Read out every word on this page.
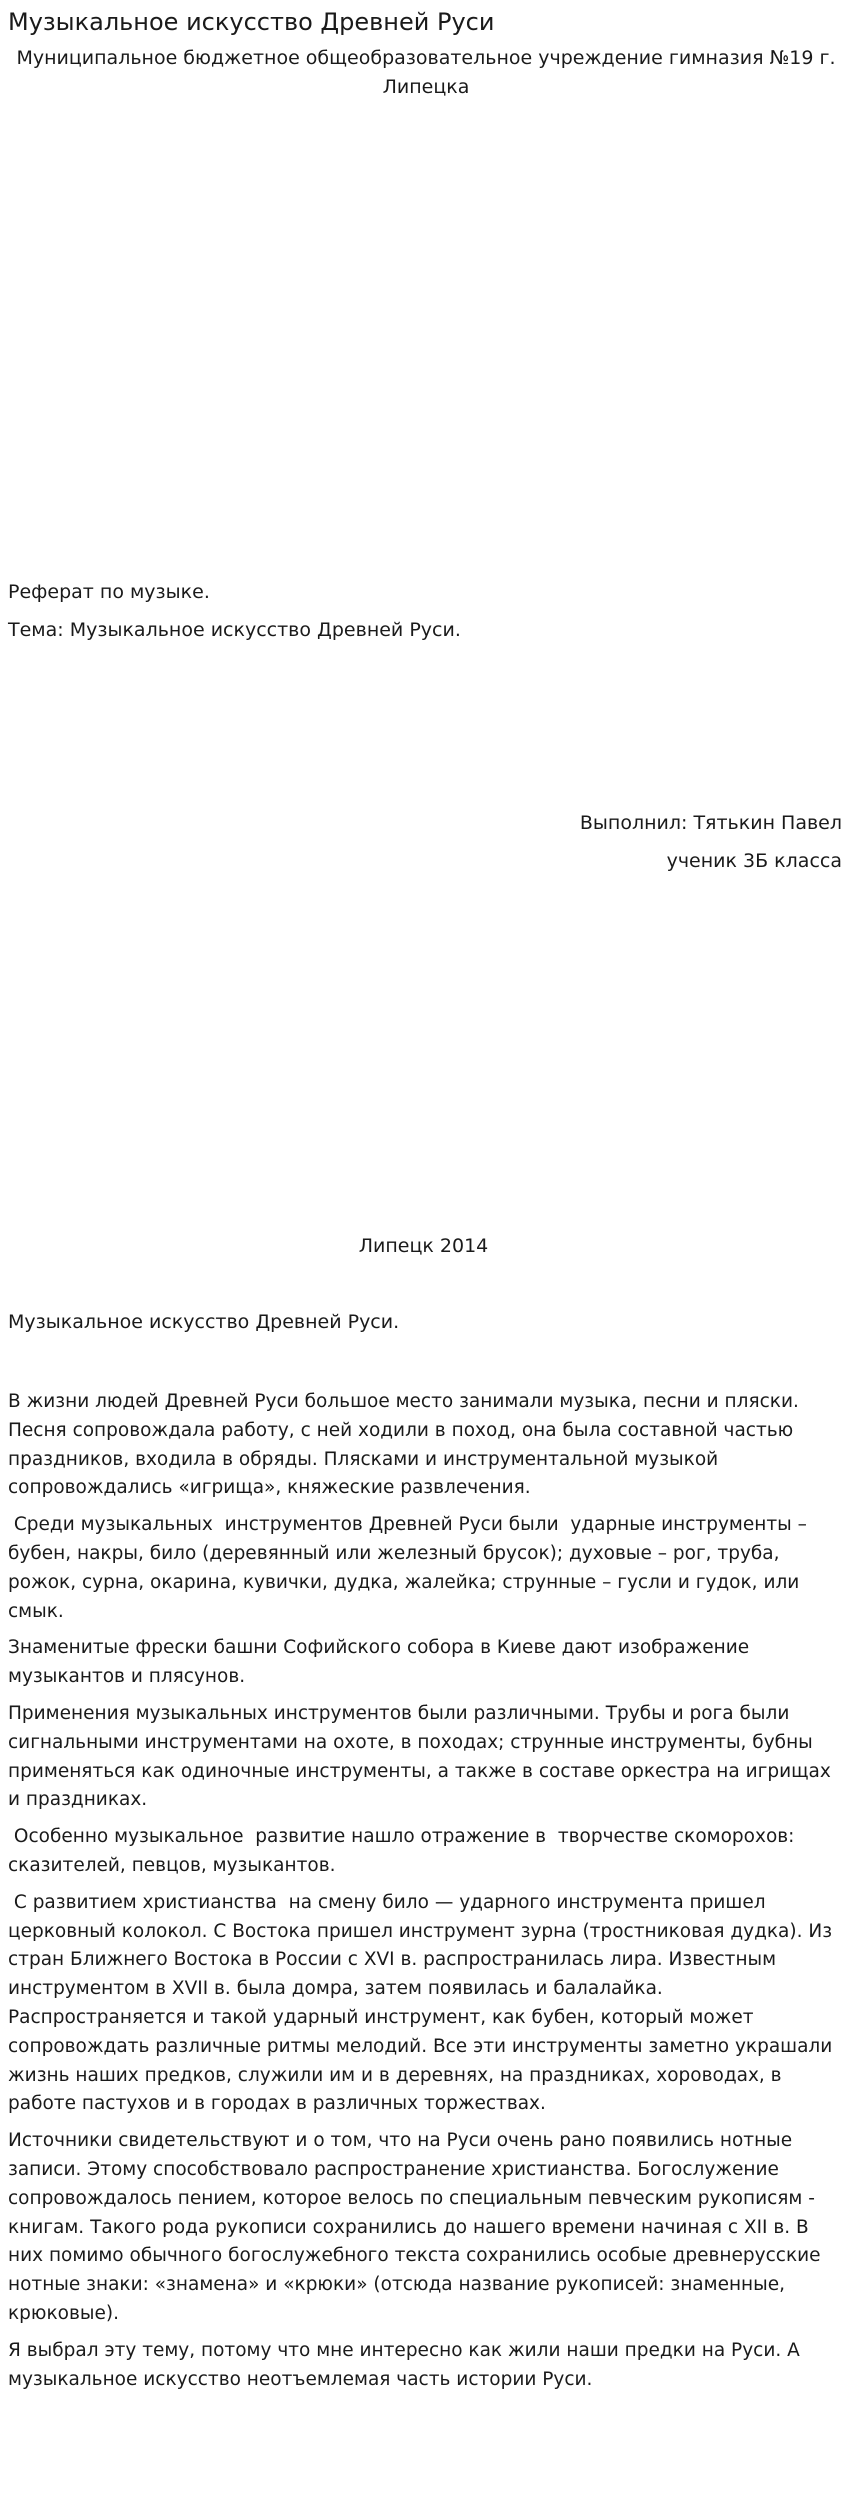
Музыкальное искусство Древней Руси
Муниципальное бюджетное общеобразовательное учреждение гимназия №19 г. Липецка
Реферат по музыке.
Тема: Музыкальное искусство Древней Руси.
Выполнил: Тятькин Павел
ученик 3Б класса
Липецк 2014
Музыкальное искусство Древней Руси.

В жизни людей Древней Руси большое место занимали музыка, песни и пляски. Песня сопровождала работу, с ней ходили в поход, она была составной частью праздников, входила в обряды. Плясками и инструментальной музыкой сопровождались «игрища», княжеские развлечения.

Среди музыкальных  инструментов Древней Руси были  ударные инструменты – бубен, накры, било (деревянный или железный брусок); духовые – рог, труба, рожок, сурна, окарина, кувички, дудка, жалейка; струнные – гусли и гудок, или смык.

Знаменитые фрески башни Софийского собора в Киеве дают изображение музыкантов и плясунов.

Применения музыкальных инструментов были различными. Трубы и рога были сигнальными инструментами на охоте, в походах; струнные инструменты, бубны применяться как одиночные инструменты, а также в составе оркестра на игрищах и праздниках.

Особенно музыкальное  развитие нашло отражение в  творчестве скоморохов: сказителей, певцов, музыкантов.

С развитием христианства  на смену било — ударного инструмента пришел церковный колокол. С Востока пришел инструмент зурна (тростниковая дудка). Из стран Ближнего Востока в России с XVI в. распространилась лира. Известным инструментом в XVII в. была домра, затем появилась и балалайка. Распространяется и такой ударный инструмент, как бубен, который может сопровождать различные ритмы мелодий. Все эти инструменты заметно украшали жизнь наших предков, служили им и в деревнях, на праздниках, хороводах, в работе пастухов и в городах в различных торжествах.

Источники свидетельствуют и о том, что на Руси очень рано появились нотные записи. Этому способствовало распространение христианства. Богослужение сопровождалось пением, которое велось по специальным певческим рукописям - книгам. Такого рода рукописи сохранились до нашего времени начиная с XII в. В них помимо обычного богослужебного текста сохранились особые древнерусские нотные знаки: «знамена» и «крюки» (отсюда название рукописей: знаменные, крюковые).

Я выбрал эту тему, потому что мне интересно как жили наши предки на Руси. А музыкальное искусство неотъемлемая часть истории Руси.
